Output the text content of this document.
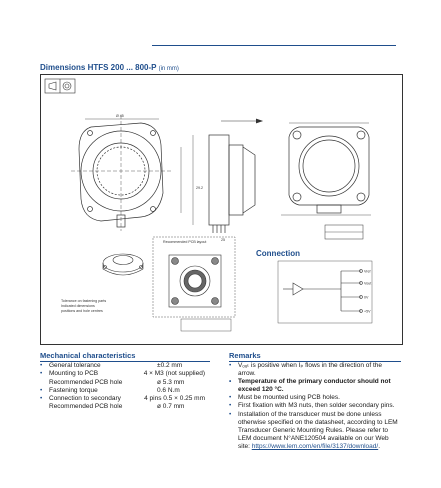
Dimensions HTFS 200 ... 800-P (in mm)
Ø 45
29.2
25
Tolerance on fastening parts
Indicated dimensions
positions and hole centres
Recommended PCB layout
Vref
Vout
0V
+5V
Connection
Mechanical characteristics
• General tolerance	±0.2 mm
• Mounting to PCB	4 × M3 (not supplied)
Recommended PCB hole	ø 5.3 mm
• Fastening torque	0.6 N.m
• Connection to secondary	4 pins 0.5 × 0.25 mm
Recommended PCB hole	ø 0.7 mm
Remarks
• Vₒᵤₜ is positive when Iₚ flows in the direction of the arrow.
• Temperature of the primary conductor should not exceed 120 °C.
• Must be mounted using PCB holes.
• First fixation with M3 nuts, then solder secondary pins.
• Installation of the transducer must be done unless otherwise specified on the datasheet, according to LEM Transducer Generic Mounting Rules. Please refer to LEM document N°ANE120504 available on our Web site: https://www.lem.com/en/file/3137/download/.
